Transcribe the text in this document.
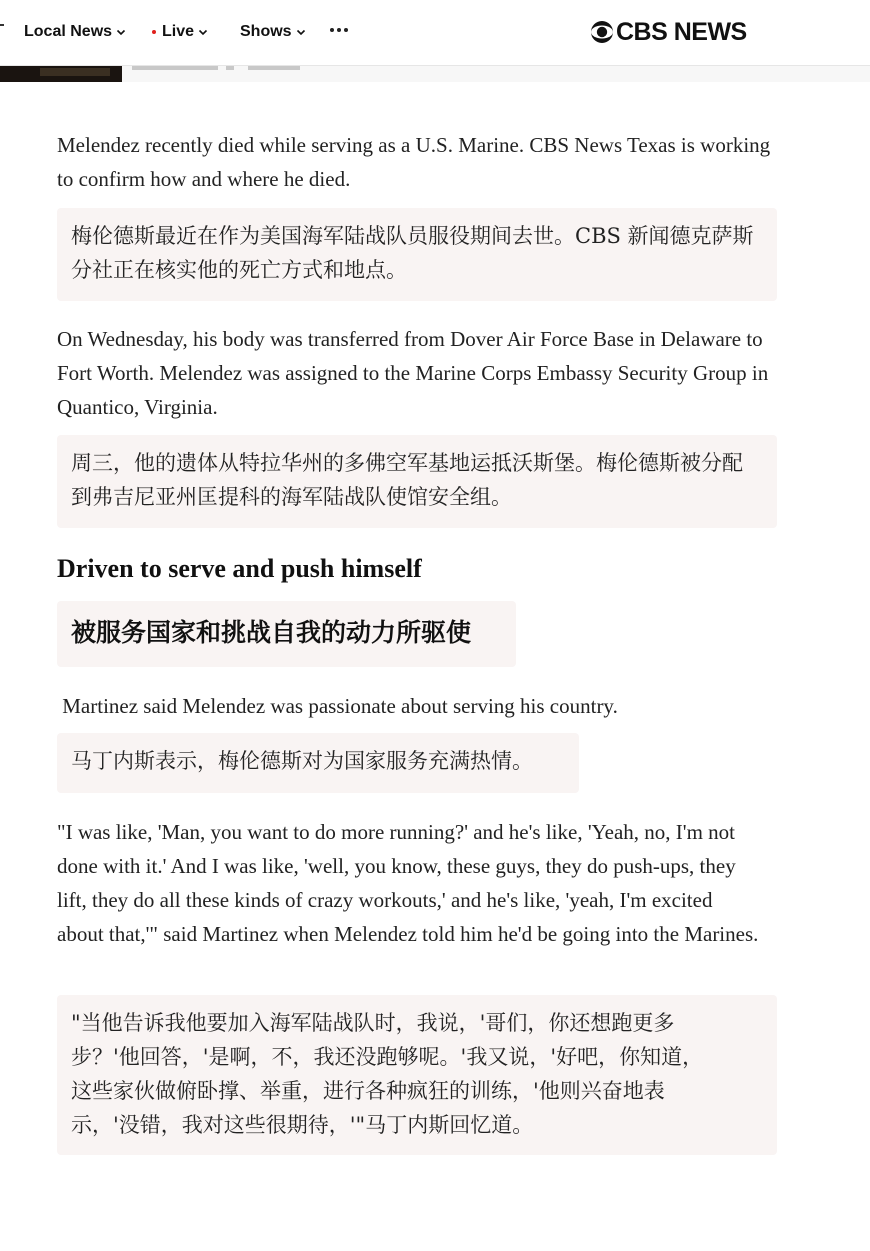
Local News	Live	Shows	CBS NEWS
Melendez recently died while serving as a U.S. Marine. CBS News Texas is working to confirm how and where he died.
梅伦德斯最近在作为美国海军陆战队员服役期间去世。CBS 新闻德克萨斯分社正在核实他的死亡方式和地点。
On Wednesday, his body was transferred from Dover Air Force Base in Delaware to Fort Worth. Melendez was assigned to the Marine Corps Embassy Security Group in Quantico, Virginia.
周三，他的遗体从特拉华州的多佛空军基地运抵沃斯堡。梅伦德斯被分配到弗吉尼亚州匡提科的海军陆战队使馆安全组。
Driven to serve and push himself
被服务国家和挑战自我的动力所驱使
Martinez said Melendez was passionate about serving his country.
马丁内斯表示，梅伦德斯对为国家服务充满热情。
"I was like, 'Man, you want to do more running?' and he's like, 'Yeah, no, I'm not done with it.' And I was like, 'well, you know, these guys, they do push-ups, they lift, they do all these kinds of crazy workouts,' and he's like, 'yeah, I'm excited about that,'" said Martinez when Melendez told him he'd be going into the Marines.
"当他告诉我他要加入海军陆战队时，我说，'哥们，你还想跑更多步？'他回答，'是啊，不，我还没跑够呢。'我又说，'好吧，你知道，这些家伙做俯卧撑、举重，进行各种疯狂的训练，'他则兴奋地表示，'没错，我对这些很期待，'"马丁内斯回忆道。
